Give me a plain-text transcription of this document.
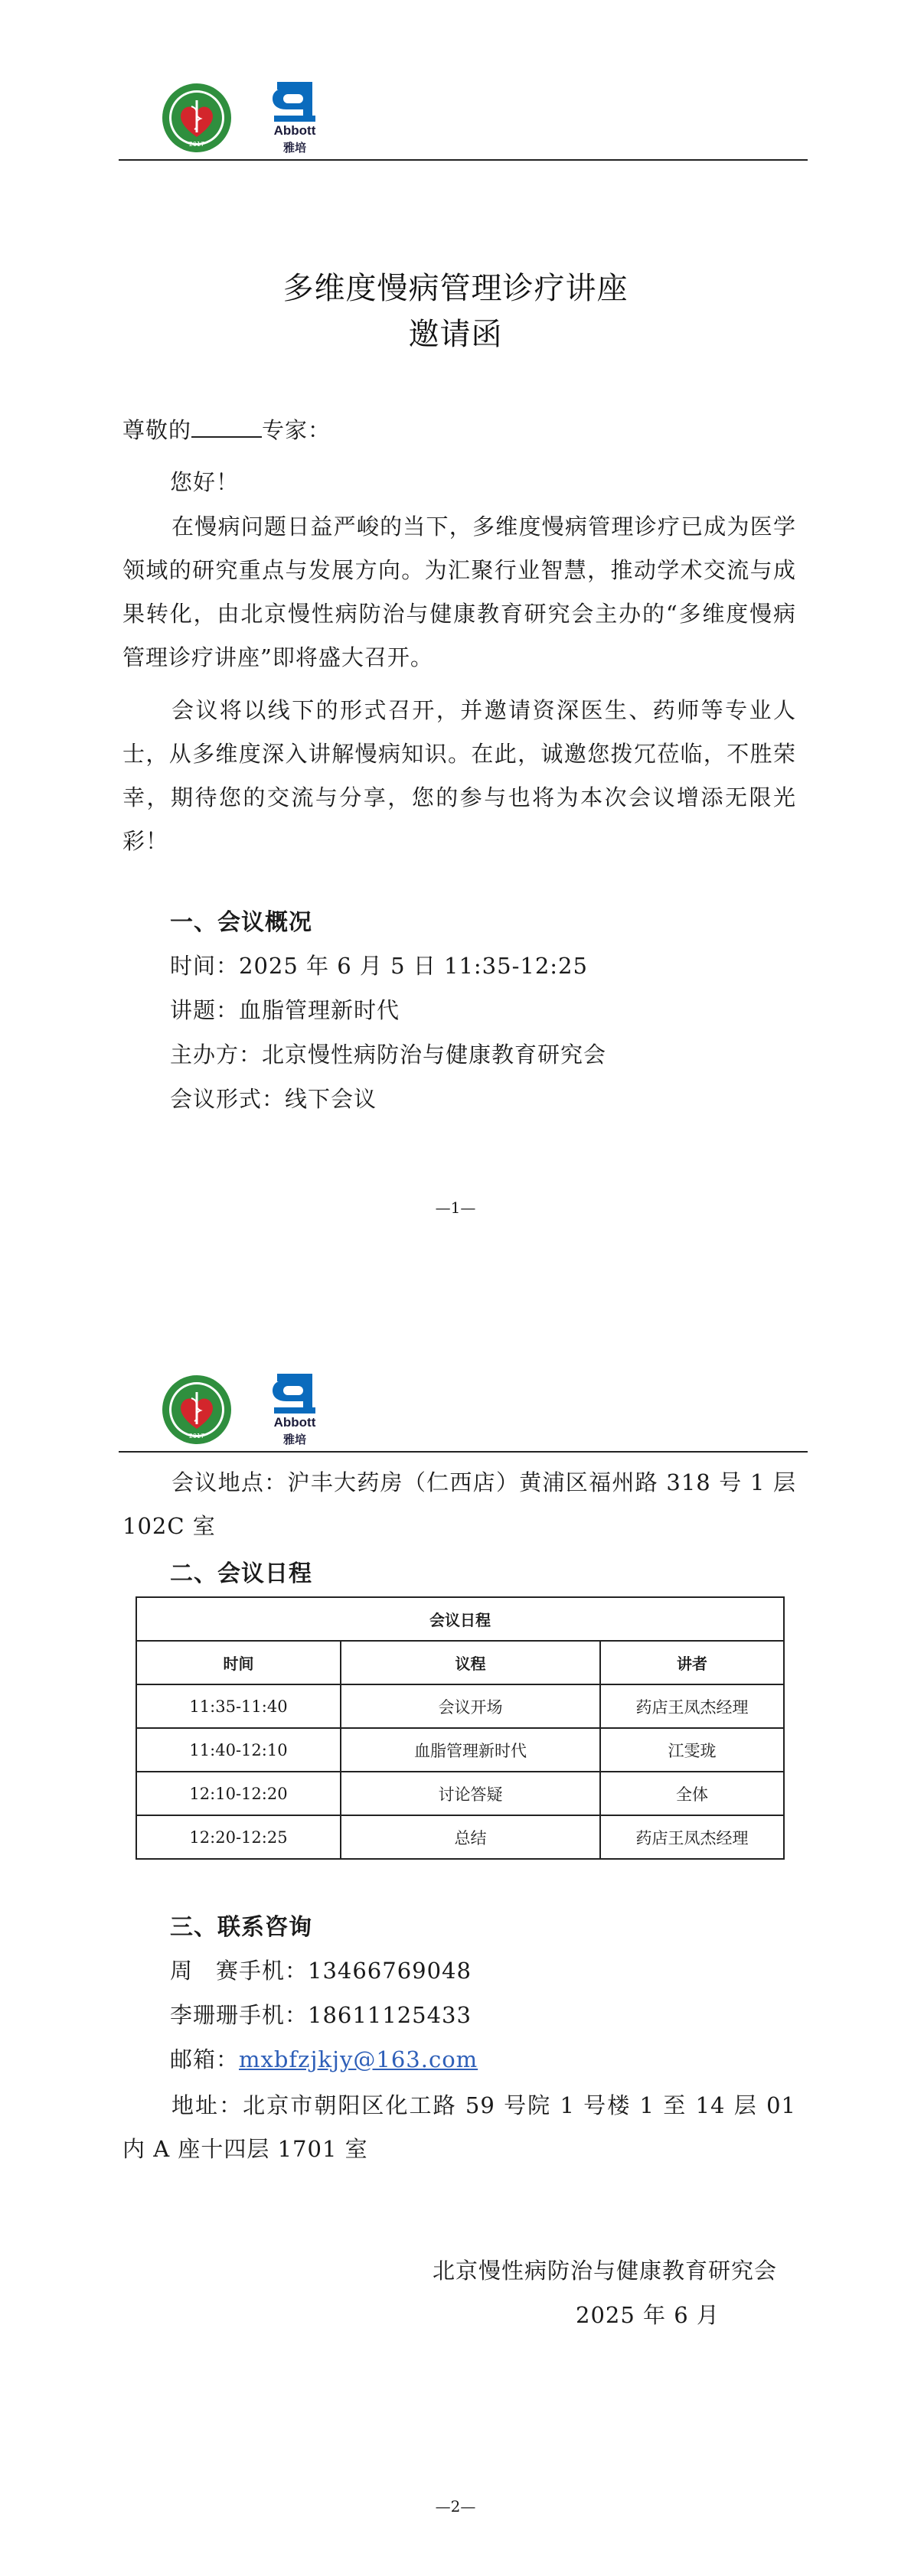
2017
Abbott
雅培
多维度慢病管理诊疗讲座
邀请函
尊敬的	专家：
您好！

在慢病问题日益严峻的当下，多维度慢病管理诊疗已成为医学领域的研究重点与发展方向。为汇聚行业智慧，推动学术交流与成果转化，由北京慢性病防治与健康教育研究会主办的“多维度慢病管理诊疗讲座”即将盛大召开。

会议将以线下的形式召开，并邀请资深医生、药师等专业人士，从多维度深入讲解慢病知识。在此，诚邀您拨冗莅临，不胜荣幸，期待您的交流与分享，您的参与也将为本次会议增添无限光彩！

一、会议概况
时间：2025 年 6 月 5 日 11:35-12:25
讲题：血脂管理新时代
主办方：北京慢性病防治与健康教育研究会
会议形式：线下会议
—1—
2017
Abbott
雅培

会议地点：沪丰大药房（仁西店）黄浦区福州路 318 号 1 层 102C 室

二、会议日程
会议日程		
时间	议程	讲者
11:35-11:40	会议开场	药店王凤杰经理
11:40-12:10	血脂管理新时代	江雯珑
12:10-12:20	讨论答疑	全体
12:20-12:25	总结	药店王凤杰经理
三、联系咨询
周　赛手机：13466769048
李珊珊手机：18611125433
邮箱：mxbfzjkjy@163.com

地址：北京市朝阳区化工路 59 号院 1 号楼 1 至 14 层 01 内 A 座十四层 1701 室

北京慢性病防治与健康教育研究会
2025 年 6 月
—2—
